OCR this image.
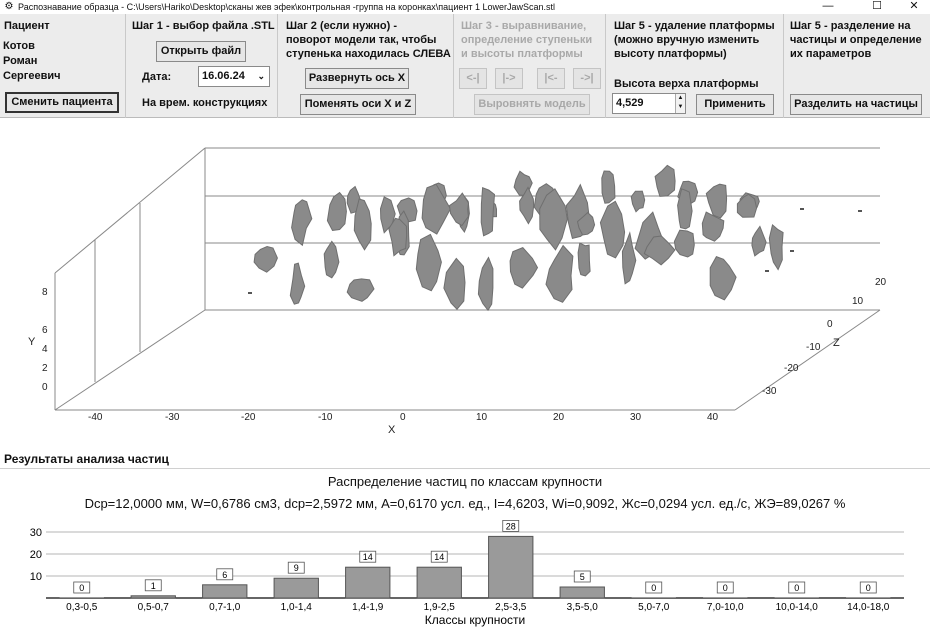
⚙ Распознавание образца - C:\Users\Hariko\Desktop\сканы жев эфек\контрольная -группа на коронках\пациент 1 LowerJawScan.stl	—	☐	✕
Пациент
Котов
Роман
Сергеевич
Сменить пациента
Шаг 1 - выбор файла .STL
Открыть файл
Дата:	16.06.24 ⌄
На врем. конструкциях
Шаг 2 (если нужно) -
поворот модели так, чтобы
ступенька находилась СЛЕВА
Развернуть ось X
Поменять оси X и Z
Шаг 3 - выравнивание,
определение ступеньки
и высоты платформы
<-|	|->	|<-	->|
Выровнять модель
Шаг 5 - удаление платформы
(можно вручную изменить
высоту платформы)
Высота верха платформы
4,529	▲
▼	Применить
Шаг 5 - разделение на
частицы и определение
их параметров
Разделить на частицы
Y
X
Z
0
2
4
6
8
-40	-30	-20	-10	0	10	20	30	40
20
10
0
-10
-20
-30
Результаты анализа частиц
Распределение частиц по классам крупности
Dср=12,0000 мм, W=0,6786 см3, dср=2,5972 мм, A=0,6170 усл. ед., I=4,6203, Wi=0,9092, Жс=0,0294 усл. ед./с, ЖЭ=89,0267 %
10
20
30
0
0,3-0,5
1
0,5-0,7
6
0,7-1,0
9
1,0-1,4
14
1,4-1,9
14
1,9-2,5
28
2,5-3,5
5
3,5-5,0
0
5,0-7,0
0
7,0-10,0
0
10,0-14,0
0
14,0-18,0
Классы крупности
